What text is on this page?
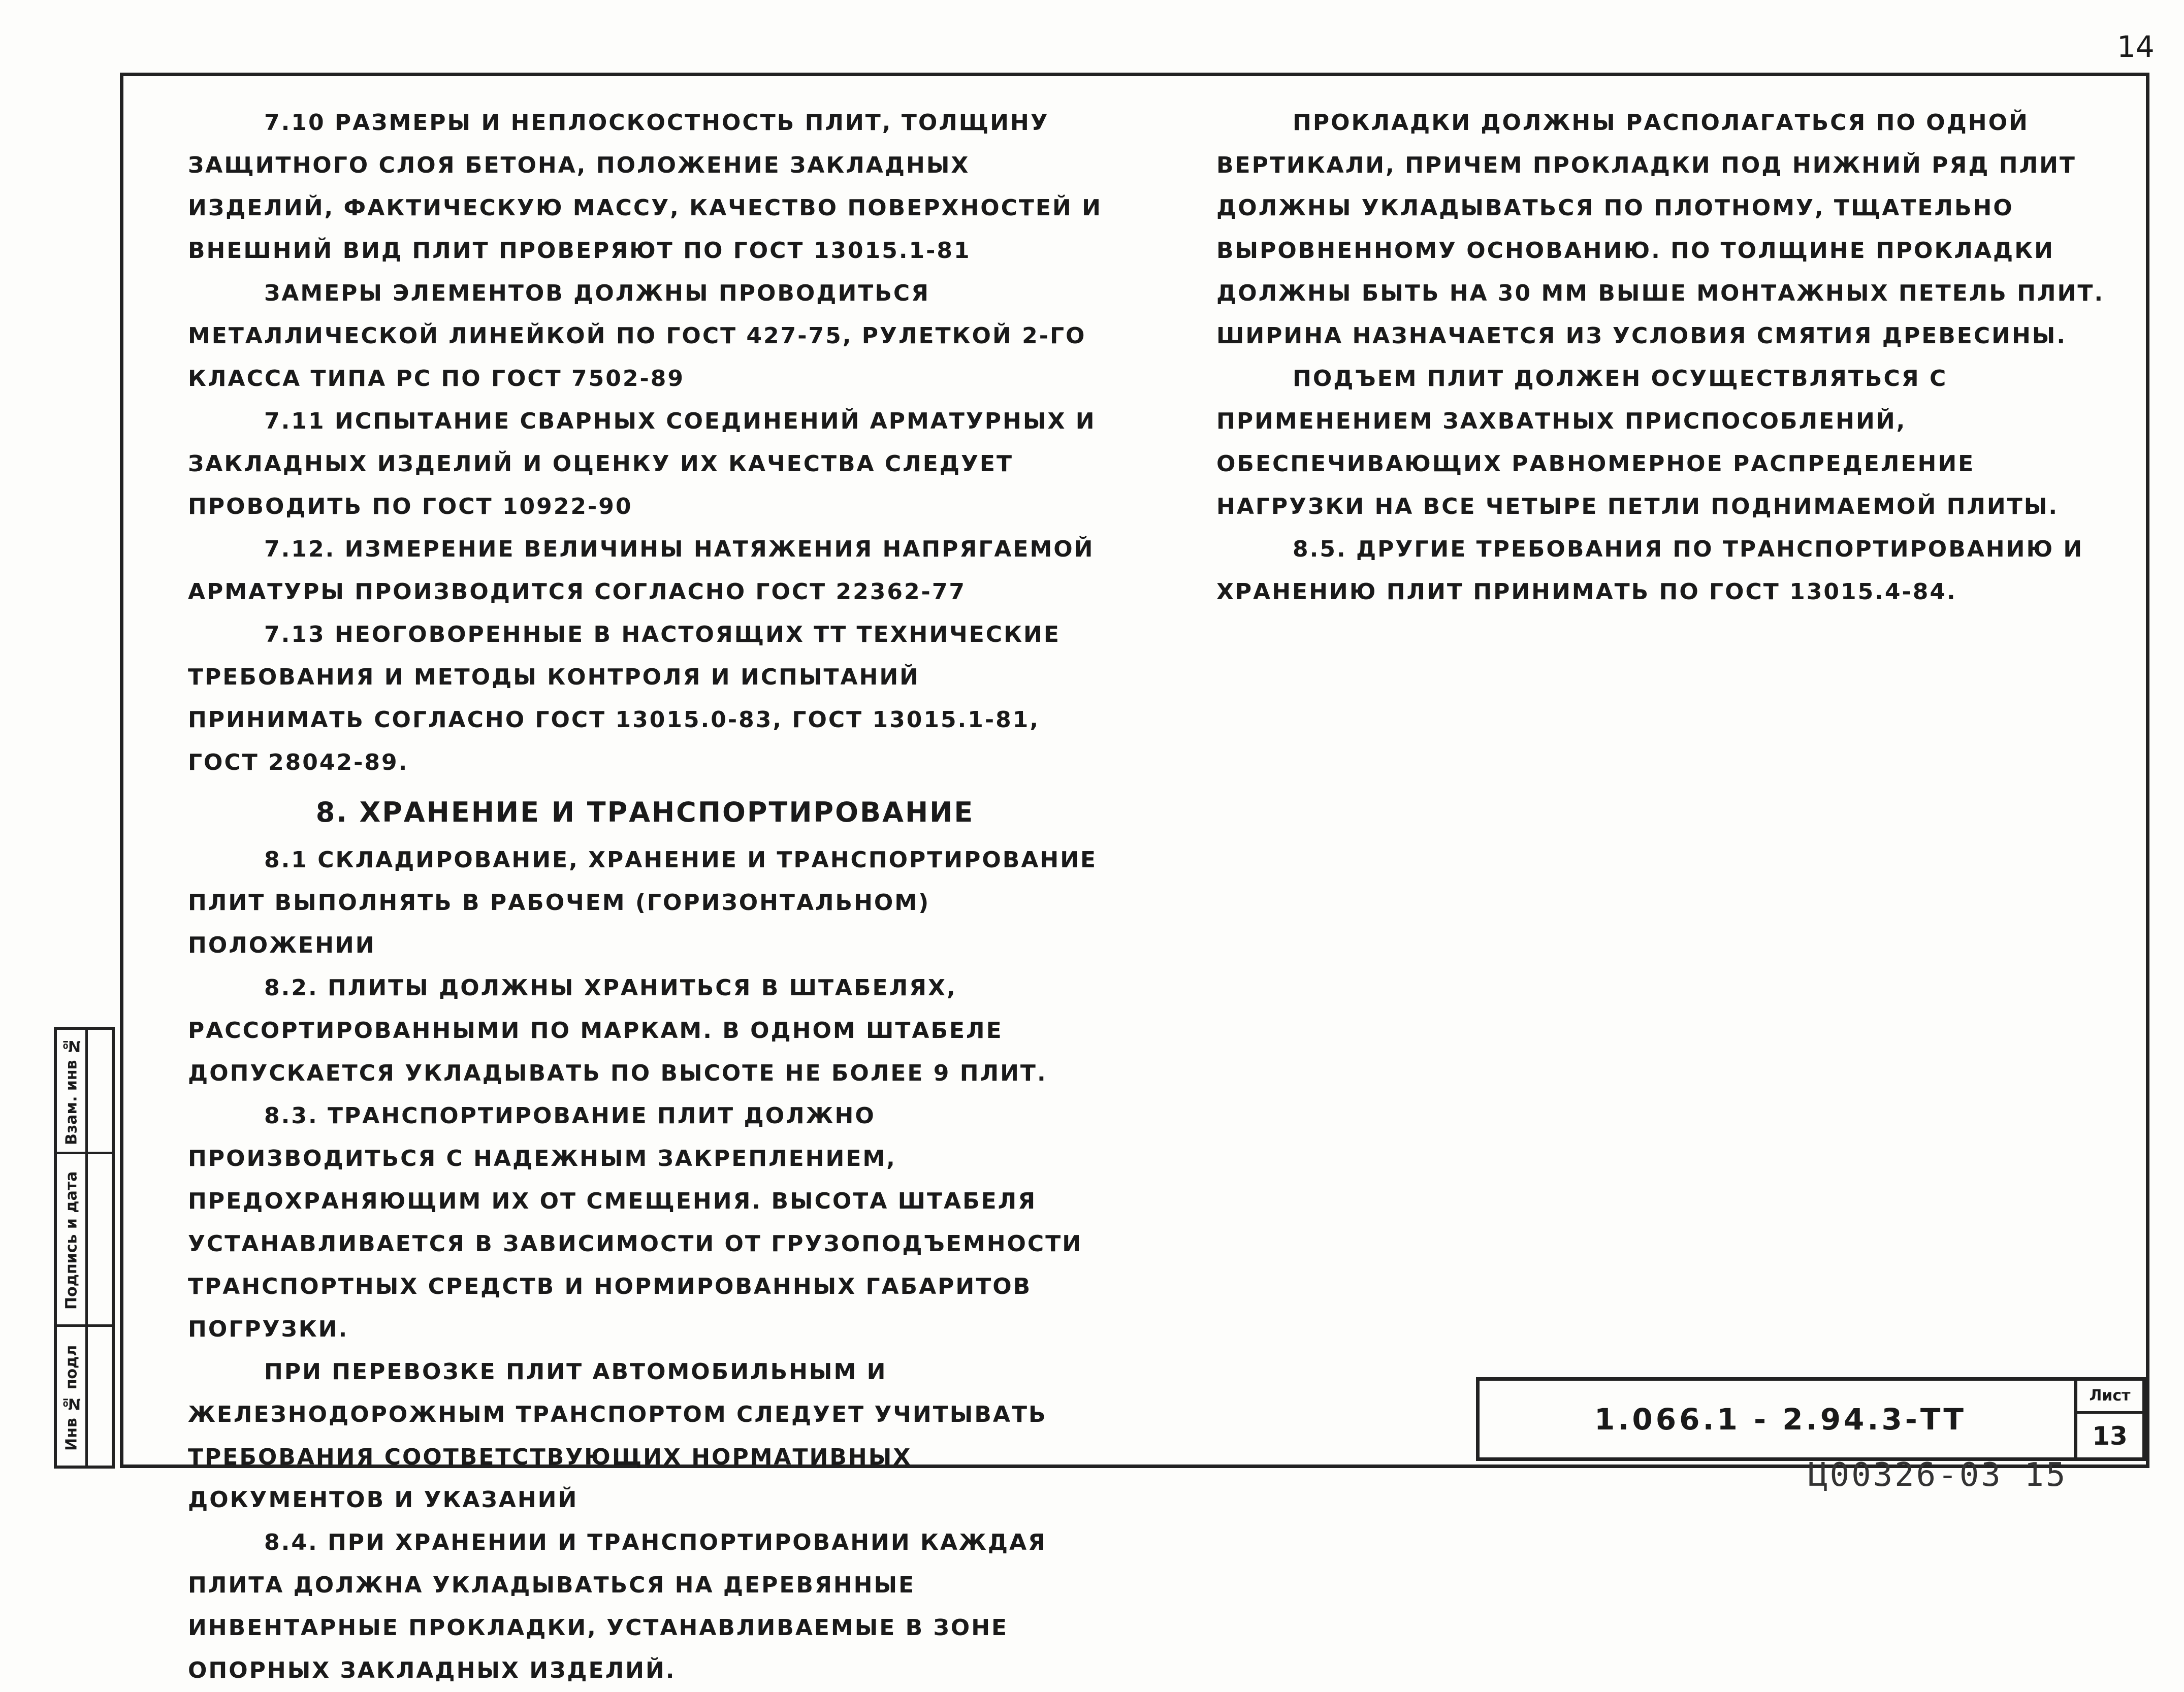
14
Взам. инв №
Подпись и дата
Инв № подл

7.10 РАЗМЕРЫ И НЕПЛОСКОСТНОСТЬ ПЛИТ, ТОЛЩИНУ ЗАЩИТНОГО СЛОЯ БЕТОНА, ПОЛОЖЕНИЕ ЗАКЛАДНЫХ ИЗДЕЛИЙ, ФАКТИЧЕСКУЮ МАССУ, КАЧЕСТВО ПОВЕРХНОСТЕЙ И ВНЕШНИЙ ВИД ПЛИТ ПРОВЕРЯЮТ ПО ГОСТ 13015.1-81

ЗАМЕРЫ ЭЛЕМЕНТОВ ДОЛЖНЫ ПРОВОДИТЬСЯ МЕТАЛЛИЧЕСКОЙ ЛИНЕЙКОЙ ПО ГОСТ 427-75, РУЛЕТКОЙ 2-ГО КЛАССА ТИПА РС ПО ГОСТ 7502-89

7.11 ИСПЫТАНИЕ СВАРНЫХ СОЕДИНЕНИЙ АРМАТУРНЫХ И ЗАКЛАДНЫХ ИЗДЕЛИЙ И ОЦЕНКУ ИХ КАЧЕСТВА СЛЕДУЕТ ПРОВОДИТЬ ПО ГОСТ 10922-90

7.12. ИЗМЕРЕНИЕ ВЕЛИЧИНЫ НАТЯЖЕНИЯ НАПРЯГАЕМОЙ АРМАТУРЫ ПРОИЗВОДИТСЯ СОГЛАСНО ГОСТ 22362-77

7.13 НЕОГОВОРЕННЫЕ В НАСТОЯЩИХ ТТ ТЕХНИЧЕСКИЕ ТРЕБОВАНИЯ И МЕТОДЫ КОНТРОЛЯ И ИСПЫТАНИЙ ПРИНИМАТЬ СОГЛАСНО ГОСТ 13015.0-83, ГОСТ 13015.1-81, ГОСТ 28042-89.

8. ХРАНЕНИЕ И ТРАНСПОРТИРОВАНИЕ

8.1 СКЛАДИРОВАНИЕ, ХРАНЕНИЕ И ТРАНСПОРТИРОВАНИЕ ПЛИТ ВЫПОЛНЯТЬ В РАБОЧЕМ (ГОРИЗОНТАЛЬНОМ) ПОЛОЖЕНИИ

8.2. ПЛИТЫ ДОЛЖНЫ ХРАНИТЬСЯ В ШТАБЕЛЯХ, РАССОРТИРОВАННЫМИ ПО МАРКАМ. В ОДНОМ ШТАБЕЛЕ ДОПУСКАЕТСЯ УКЛАДЫВАТЬ ПО ВЫСОТЕ НЕ БОЛЕЕ 9 ПЛИТ.

8.3. ТРАНСПОРТИРОВАНИЕ ПЛИТ ДОЛЖНО ПРОИЗВОДИТЬСЯ С НАДЕЖНЫМ ЗАКРЕПЛЕНИЕМ, ПРЕДОХРАНЯЮЩИМ ИХ ОТ СМЕЩЕНИЯ. ВЫСОТА ШТАБЕЛЯ УСТАНАВЛИВАЕТСЯ В ЗАВИСИМОСТИ ОТ ГРУЗОПОДЪЕМНОСТИ ТРАНСПОРТНЫХ СРЕДСТВ И НОРМИРОВАННЫХ ГАБАРИТОВ ПОГРУЗКИ.

ПРИ ПЕРЕВОЗКЕ ПЛИТ АВТОМОБИЛЬНЫМ И ЖЕЛЕЗНОДОРОЖНЫМ ТРАНСПОРТОМ СЛЕДУЕТ УЧИТЫВАТЬ ТРЕБОВАНИЯ СООТВЕТСТВУЮЩИХ НОРМАТИВНЫХ ДОКУМЕНТОВ И УКАЗАНИЙ

8.4. ПРИ ХРАНЕНИИ И ТРАНСПОРТИРОВАНИИ КАЖДАЯ ПЛИТА ДОЛЖНА УКЛАДЫВАТЬСЯ НА ДЕРЕВЯННЫЕ ИНВЕНТАРНЫЕ ПРОКЛАДКИ, УСТАНАВЛИВАЕМЫЕ В ЗОНЕ ОПОРНЫХ ЗАКЛАДНЫХ ИЗДЕЛИЙ.

ПРОКЛАДКИ ДОЛЖНЫ РАСПОЛАГАТЬСЯ ПО ОДНОЙ ВЕРТИКАЛИ, ПРИЧЕМ ПРОКЛАДКИ ПОД НИЖНИЙ РЯД ПЛИТ ДОЛЖНЫ УКЛАДЫВАТЬСЯ ПО ПЛОТНОМУ, ТЩАТЕЛЬНО ВЫРОВНЕННОМУ ОСНОВАНИЮ. ПО ТОЛЩИНЕ ПРОКЛАДКИ ДОЛЖНЫ БЫТЬ НА 30 ММ ВЫШЕ МОНТАЖНЫХ ПЕТЕЛЬ ПЛИТ. ШИРИНА НАЗНАЧАЕТСЯ ИЗ УСЛОВИЯ СМЯТИЯ ДРЕВЕСИНЫ.

ПОДЪЕМ ПЛИТ ДОЛЖЕН ОСУЩЕСТВЛЯТЬСЯ С ПРИМЕНЕНИЕМ ЗАХВАТНЫХ ПРИСПОСОБЛЕНИЙ, ОБЕСПЕЧИВАЮЩИХ РАВНОМЕРНОЕ РАСПРЕДЕЛЕНИЕ НАГРУЗКИ НА ВСЕ ЧЕТЫРЕ ПЕТЛИ ПОДНИМАЕМОЙ ПЛИТЫ.

8.5. ДРУГИЕ ТРЕБОВАНИЯ ПО ТРАНСПОРТИРОВАНИЮ И ХРАНЕНИЮ ПЛИТ ПРИНИМАТЬ ПО ГОСТ 13015.4-84.

1.066.1 - 2.94.3-ТТ
Лист
13
Ц00326-03 15
